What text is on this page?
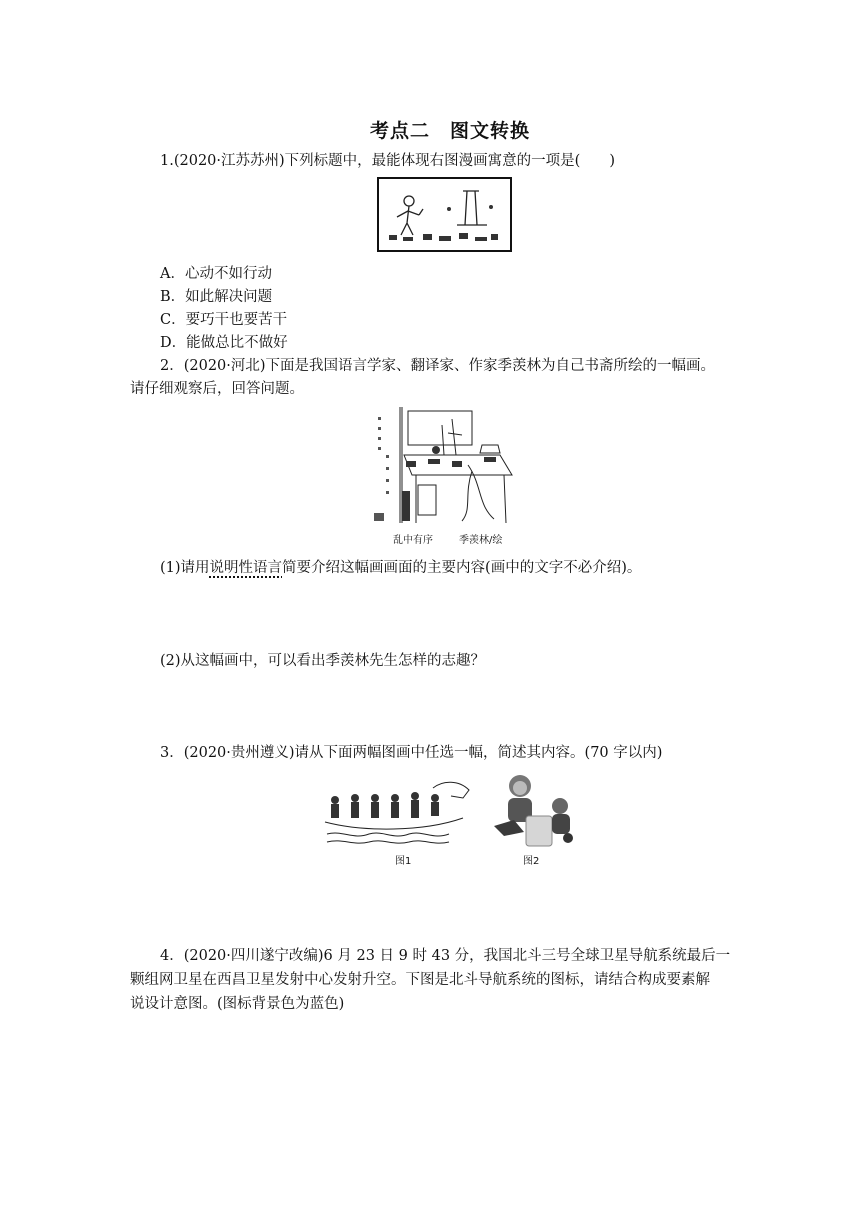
考点二　图文转换
1.(2020·江苏苏州)下列标题中，最能体现右图漫画寓意的一项是(　　)
A．心动不如行动
B．如此解决问题
C．要巧干也要苦干
D．能做总比不做好
2．(2020·河北)下面是我国语言学家、翻译家、作家季羡林为自己书斋所绘的一幅画。
请仔细观察后，回答问题。
乱中有序	季羡林/绘
(1)请用说明性语言简要介绍这幅画画面的主要内容(画中的文字不必介绍)。
(2)从这幅画中，可以看出季羡林先生怎样的志趣？
3．(2020·贵州遵义)请从下面两幅图画中任选一幅，简述其内容。(70 字以内)
图1	图2
4．(2020·四川遂宁改编)6 月 23 日 9 时 43 分，我国北斗三号全球卫星导航系统最后一
颗组网卫星在西昌卫星发射中心发射升空。下图是北斗导航系统的图标，请结合构成要素解
说设计意图。(图标背景色为蓝色)
